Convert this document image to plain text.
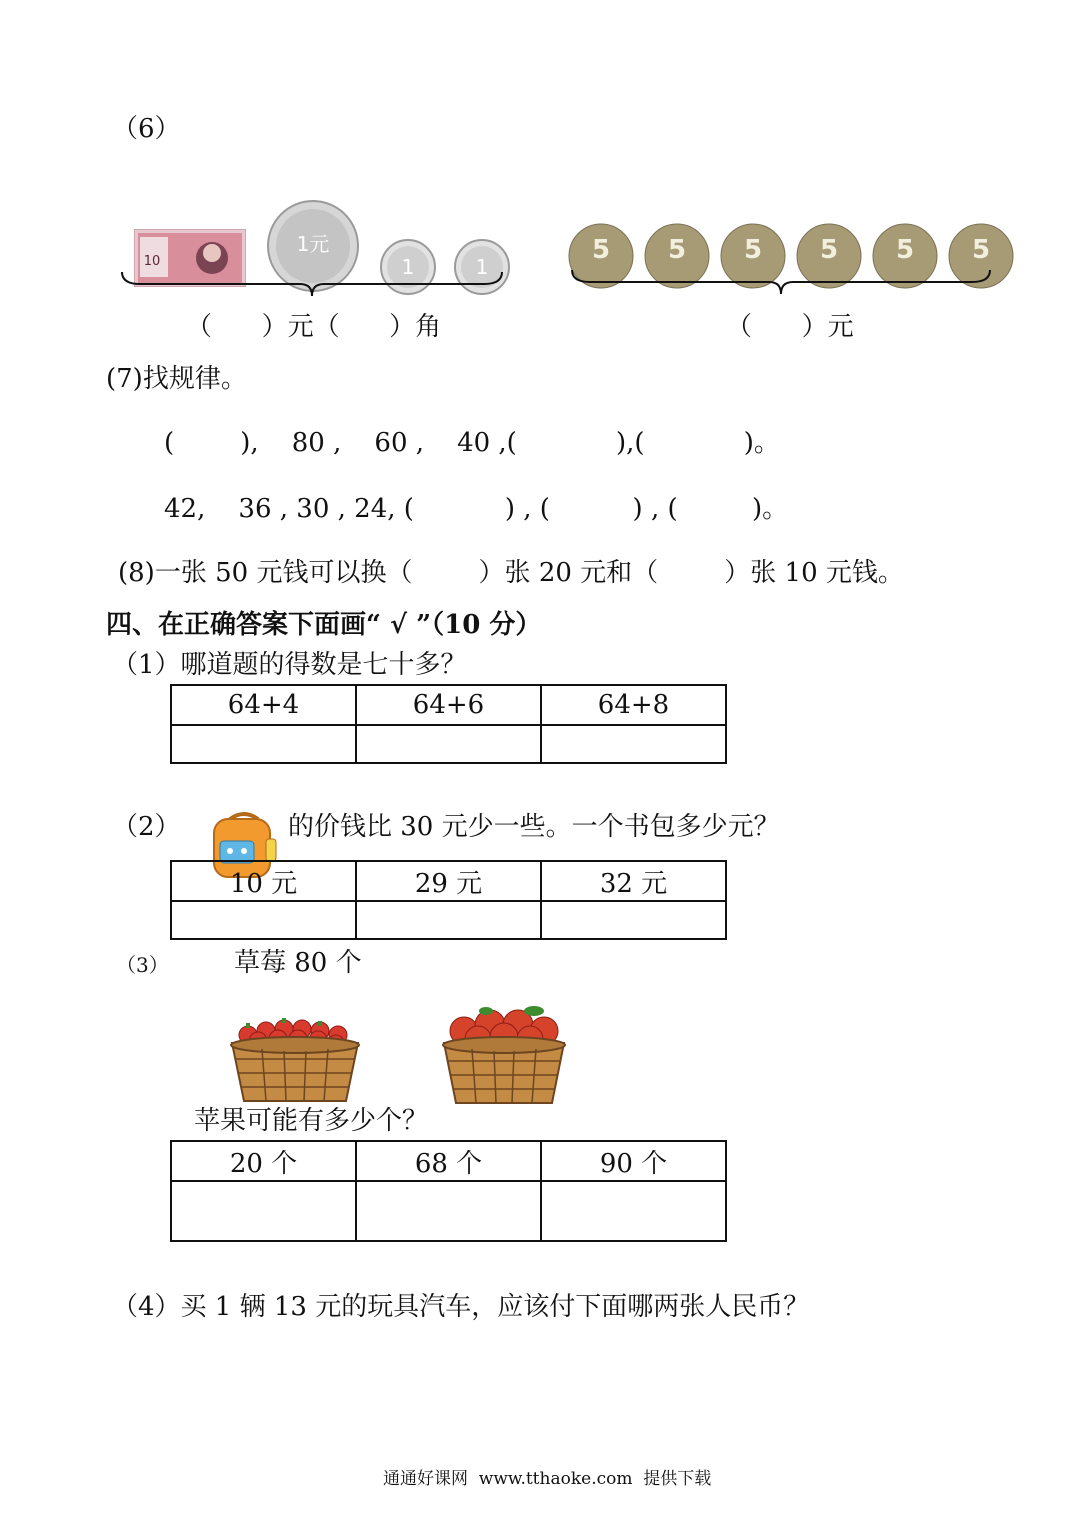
（6）

10

1元

1

	1

5 5 5 5 5 5

（      ）元（      ）角	（      ）元
(7)找规律。
(        ),    80 ,    60 ,    40 ,(            ),(            )。
42,    36 , 30 , 24, (           ) , (          ) , (         )。
(8)一张 50 元钱可以换（        ）张 20 元和（        ）张 10 元钱。
四、在正确答案下面画“ √ ”（10 分）
（1）哪道题的得数是七十多？
64+4	64+6	64+8

（2）

	的价钱比 30 元少一些。一个书包多少元？
10 元	29 元	32 元

（3）	草莓 80 个

苹果可能有多少个？
20 个	68 个	90 个

（4）买 1 辆 13 元的玩具汽车，应该付下面哪两张人民币？
通通好课网  www.tthaoke.com  提供下载
